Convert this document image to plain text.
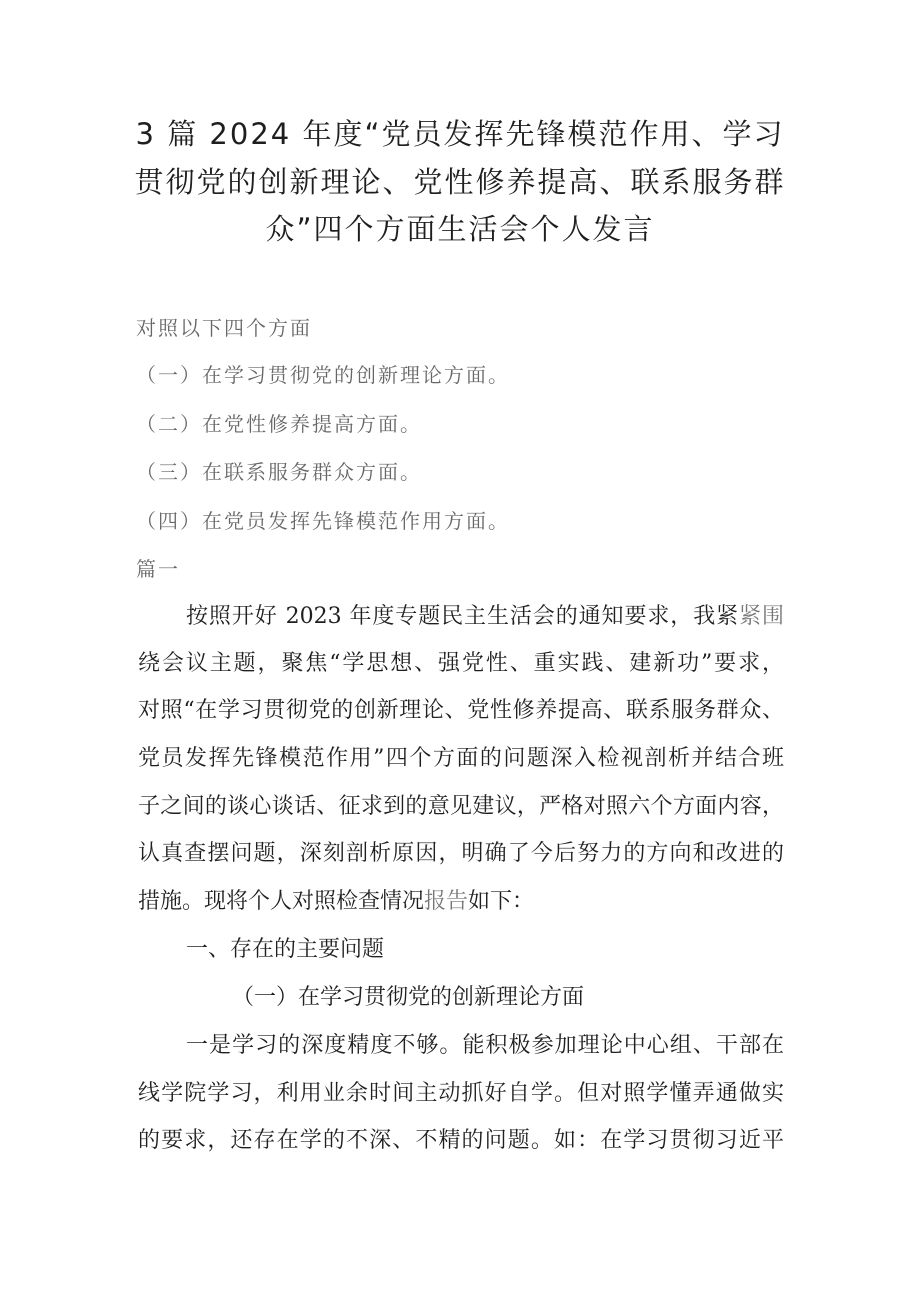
3 篇 2024 年度“党员发挥先锋模范作用、学习
贯彻党的创新理论、党性修养提高、联系服务群
众”四个方面生活会个人发言
对照以下四个方面
（一）在学习贯彻党的创新理论方面。
（二）在党性修养提高方面。
（三）在联系服务群众方面。
（四）在党员发挥先锋模范作用方面。
篇一
按照开好 2023 年度专题民主生活会的通知要求，我紧紧围
绕会议主题，聚焦“学思想、强党性、重实践、建新功”要求，
对照“在学习贯彻党的创新理论、党性修养提高、联系服务群众、
党员发挥先锋模范作用”四个方面的问题深入检视剖析并结合班
子之间的谈心谈话、征求到的意见建议，严格对照六个方面内容，
认真查摆问题，深刻剖析原因，明确了今后努力的方向和改进的
措施。现将个人对照检查情况报告如下：
一、存在的主要问题
（一）在学习贯彻党的创新理论方面
一是学习的深度精度不够。能积极参加理论中心组、干部在
线学院学习，利用业余时间主动抓好自学。但对照学懂弄通做实
的要求，还存在学的不深、不精的问题。如：在学习贯彻习近平
